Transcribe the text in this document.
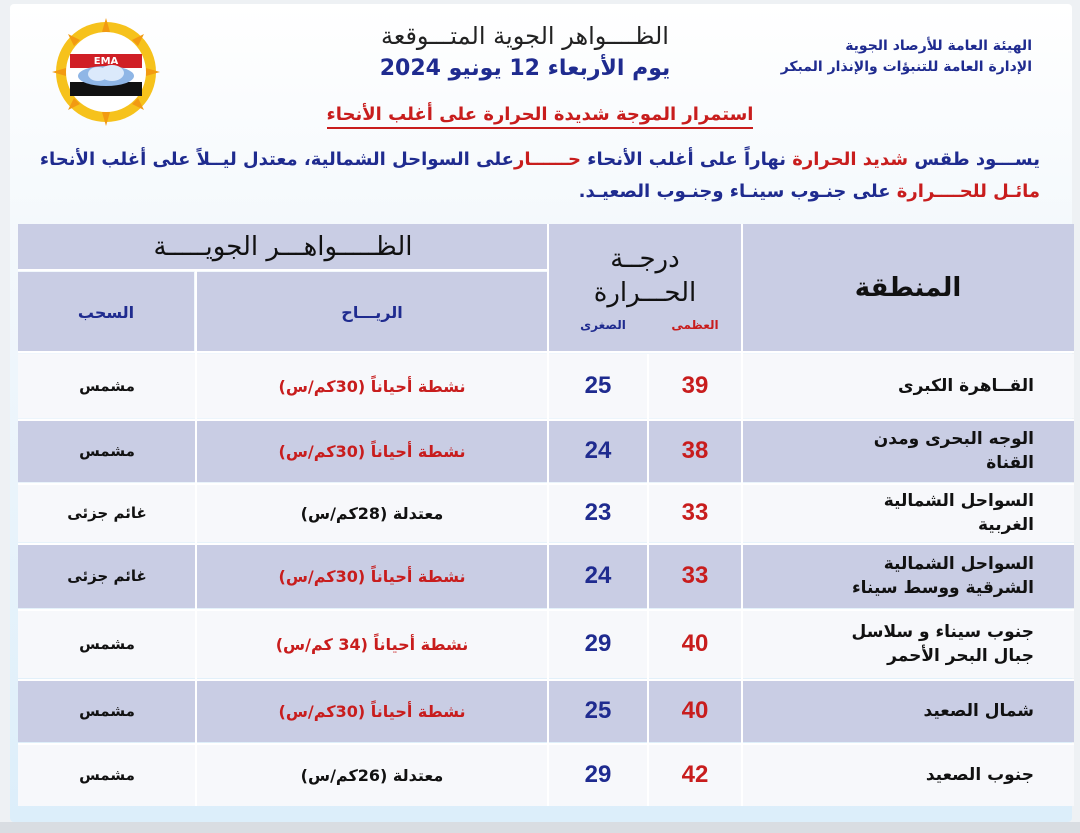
EMA
الهيئة العامة للأرصاد الجوية
الإدارة العامة للتنبؤات والإنذار المبكر
الظــــواهر الجوية المتـــوقعة
يوم الأربعاء 12 يونيو 2024
استمرار الموجة شديدة الحرارة على أغلب الأنحاء
يســـود طقس شديد الحرارة نهاراً على أغلب الأنحاء حــــــارعلى السواحل الشمالية، معتدل ليــلاً على أغلب الأنحاء
مائـل للحــــرارة على جنـوب سينـاء وجنـوب الصعيـد.
المنطقة
درجــة الحـــرارة
العظمى
الصغرى
الظـــــواهـــر الجويـــــة
الريـــاح
السحب
القــاهرة الكبرى
39
25
نشطة أحياناً (30كم/س)
مشمس
الوجه البحرى ومدن القناة
38
24
نشطة أحياناً (30كم/س)
مشمس
السواحل الشمالية الغربية
33
23
معتدلة (28كم/س)
غائم جزئى
السواحل الشمالية الشرقية ووسط سيناء
33
24
نشطة أحياناً (30كم/س)
غائم جزئى
جنوب سيناء و سلاسل جبال البحر الأحمر
40
29
نشطة أحياناً (34 كم/س)
مشمس
شمال الصعيد
40
25
نشطة أحياناً (30كم/س)
مشمس
جنوب الصعيد
42
29
معتدلة (26كم/س)
مشمس
